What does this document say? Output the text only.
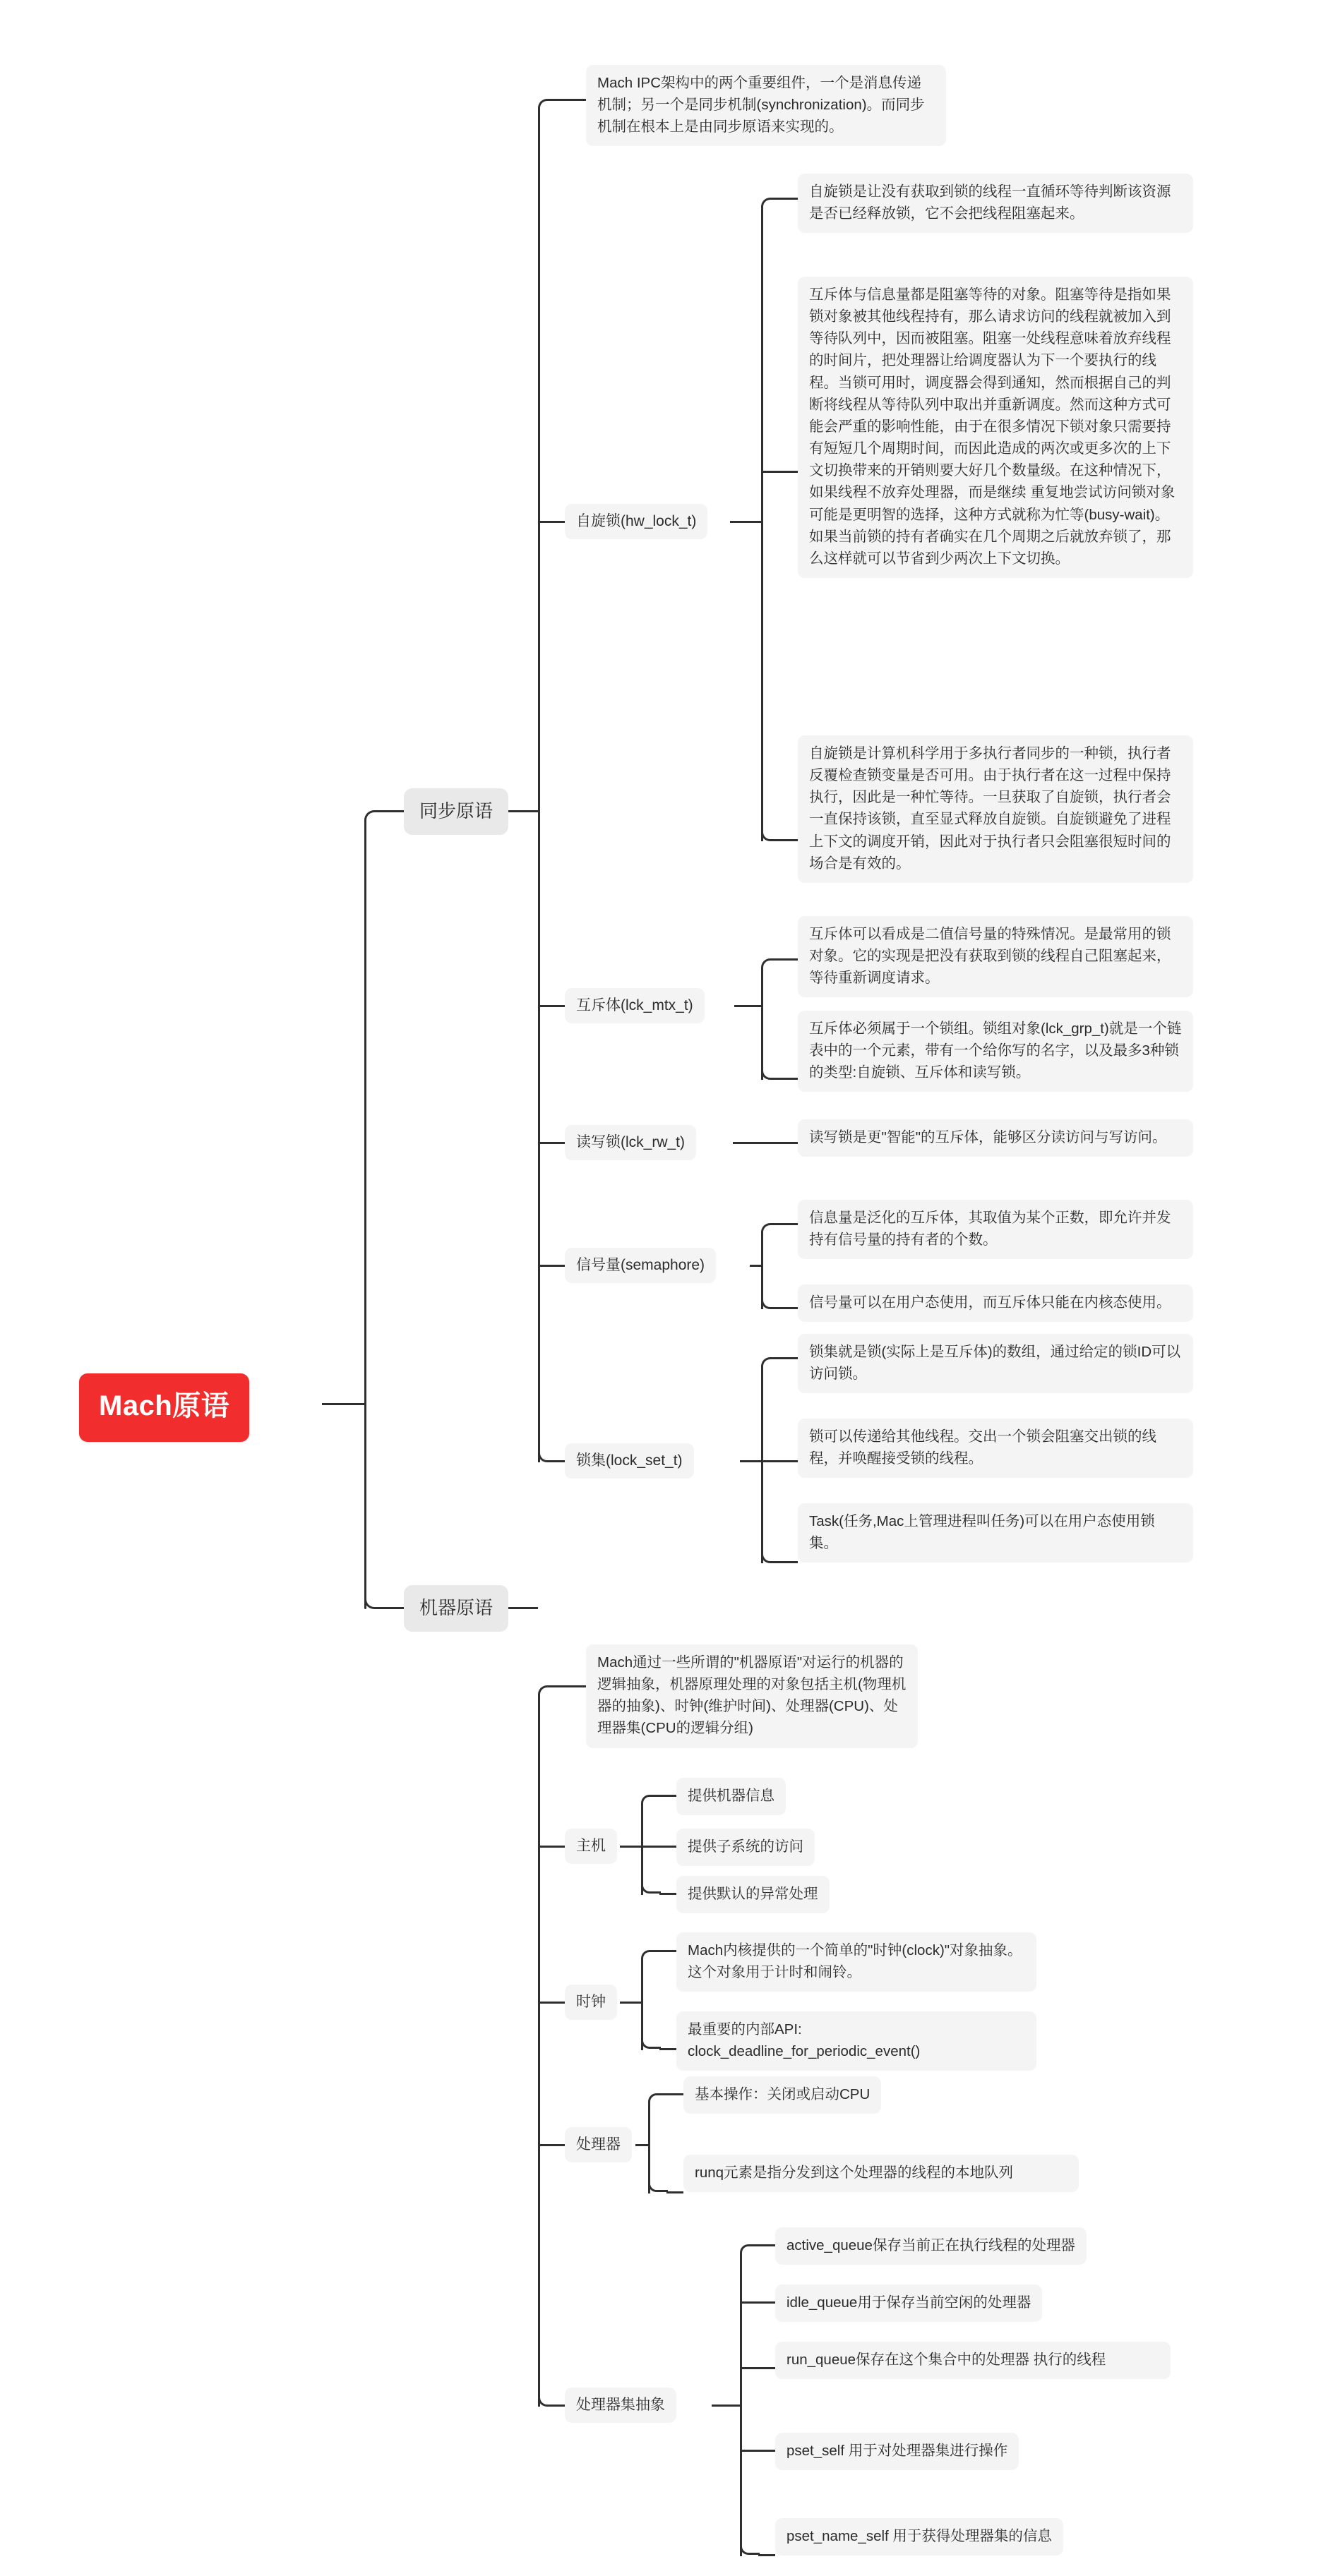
Mach原语
同步原语
Mach IPC架构中的两个重要组件，一个是消息传递机制；另一个是同步机制(synchronization)。而同步机制在根本上是由同步原语来实现的。
自旋锁(hw_lock_t)
自旋锁是让没有获取到锁的线程一直循环等待判断该资源是否已经释放锁，它不会把线程阻塞起来。
互斥体与信息量都是阻塞等待的对象。阻塞等待是指如果锁对象被其他线程持有，那么请求访问的线程就被加入到等待队列中，因而被阻塞。阻塞一处线程意味着放弃线程的时间片，把处理器让给调度器认为下一个要执行的线程。当锁可用时，调度器会得到通知，然而根据自己的判断将线程从等待队列中取出并重新调度。然而这种方式可能会严重的影响性能，由于在很多情况下锁对象只需要持有短短几个周期时间，而因此造成的两次或更多次的上下文切换带来的开销则要大好几个数量级。在这种情况下，如果线程不放弃处理器，而是继续 重复地尝试访问锁对象可能是更明智的选择，这种方式就称为忙等(busy-wait)。如果当前锁的持有者确实在几个周期之后就放弃锁了，那么这样就可以节省到少两次上下文切换。
自旋锁是计算机科学用于多执行者同步的一种锁，执行者反覆检查锁变量是否可用。由于执行者在这一过程中保持执行，因此是一种忙等待。一旦获取了自旋锁，执行者会一直保持该锁，直至显式释放自旋锁。自旋锁避免了进程上下文的调度开销，因此对于执行者只会阻塞很短时间的场合是有效的。
互斥体(lck_mtx_t)
互斥体可以看成是二值信号量的特殊情况。是最常用的锁对象。它的实现是把没有获取到锁的线程自己阻塞起来，等待重新调度请求。
互斥体必须属于一个锁组。锁组对象(lck_grp_t)就是一个链表中的一个元素，带有一个给你写的名字，以及最多3种锁的类型:自旋锁、互斥体和读写锁。
读写锁(lck_rw_t)	读写锁是更"智能"的互斥体，能够区分读访问与写访问。
信号量(semaphore)
信息量是泛化的互斥体，其取值为某个正数，即允许并发持有信号量的持有者的个数。
信号量可以在用户态使用，而互斥体只能在内核态使用。
锁集(lock_set_t)
锁集就是锁(实际上是互斥体)的数组，通过给定的锁ID可以访问锁。
锁可以传递给其他线程。交出一个锁会阻塞交出锁的线程，并唤醒接受锁的线程。
Task(任务,Mac上管理进程叫任务)可以在用户态使用锁集。
机器原语
Mach通过一些所谓的"机器原语"对运行的机器的逻辑抽象，机器原理处理的对象包括主机(物理机器的抽象)、时钟(维护时间)、处理器(CPU)、处理器集(CPU的逻辑分组)
主机
提供机器信息
提供子系统的访问
提供默认的异常处理
时钟
Mach内核提供的一个简单的"时钟(clock)"对象抽象。这个对象用于计时和闹铃。
最重要的内部API: clock_deadline_for_periodic_event()
处理器
基本操作：关闭或启动CPU
runq元素是指分发到这个处理器的线程的本地队列
处理器集抽象
active_queue保存当前正在执行线程的处理器
idle_queue用于保存当前空闲的处理器
run_queue保存在这个集合中的处理器 执行的线程
pset_self 用于对处理器集进行操作
pset_name_self 用于获得处理器集的信息
